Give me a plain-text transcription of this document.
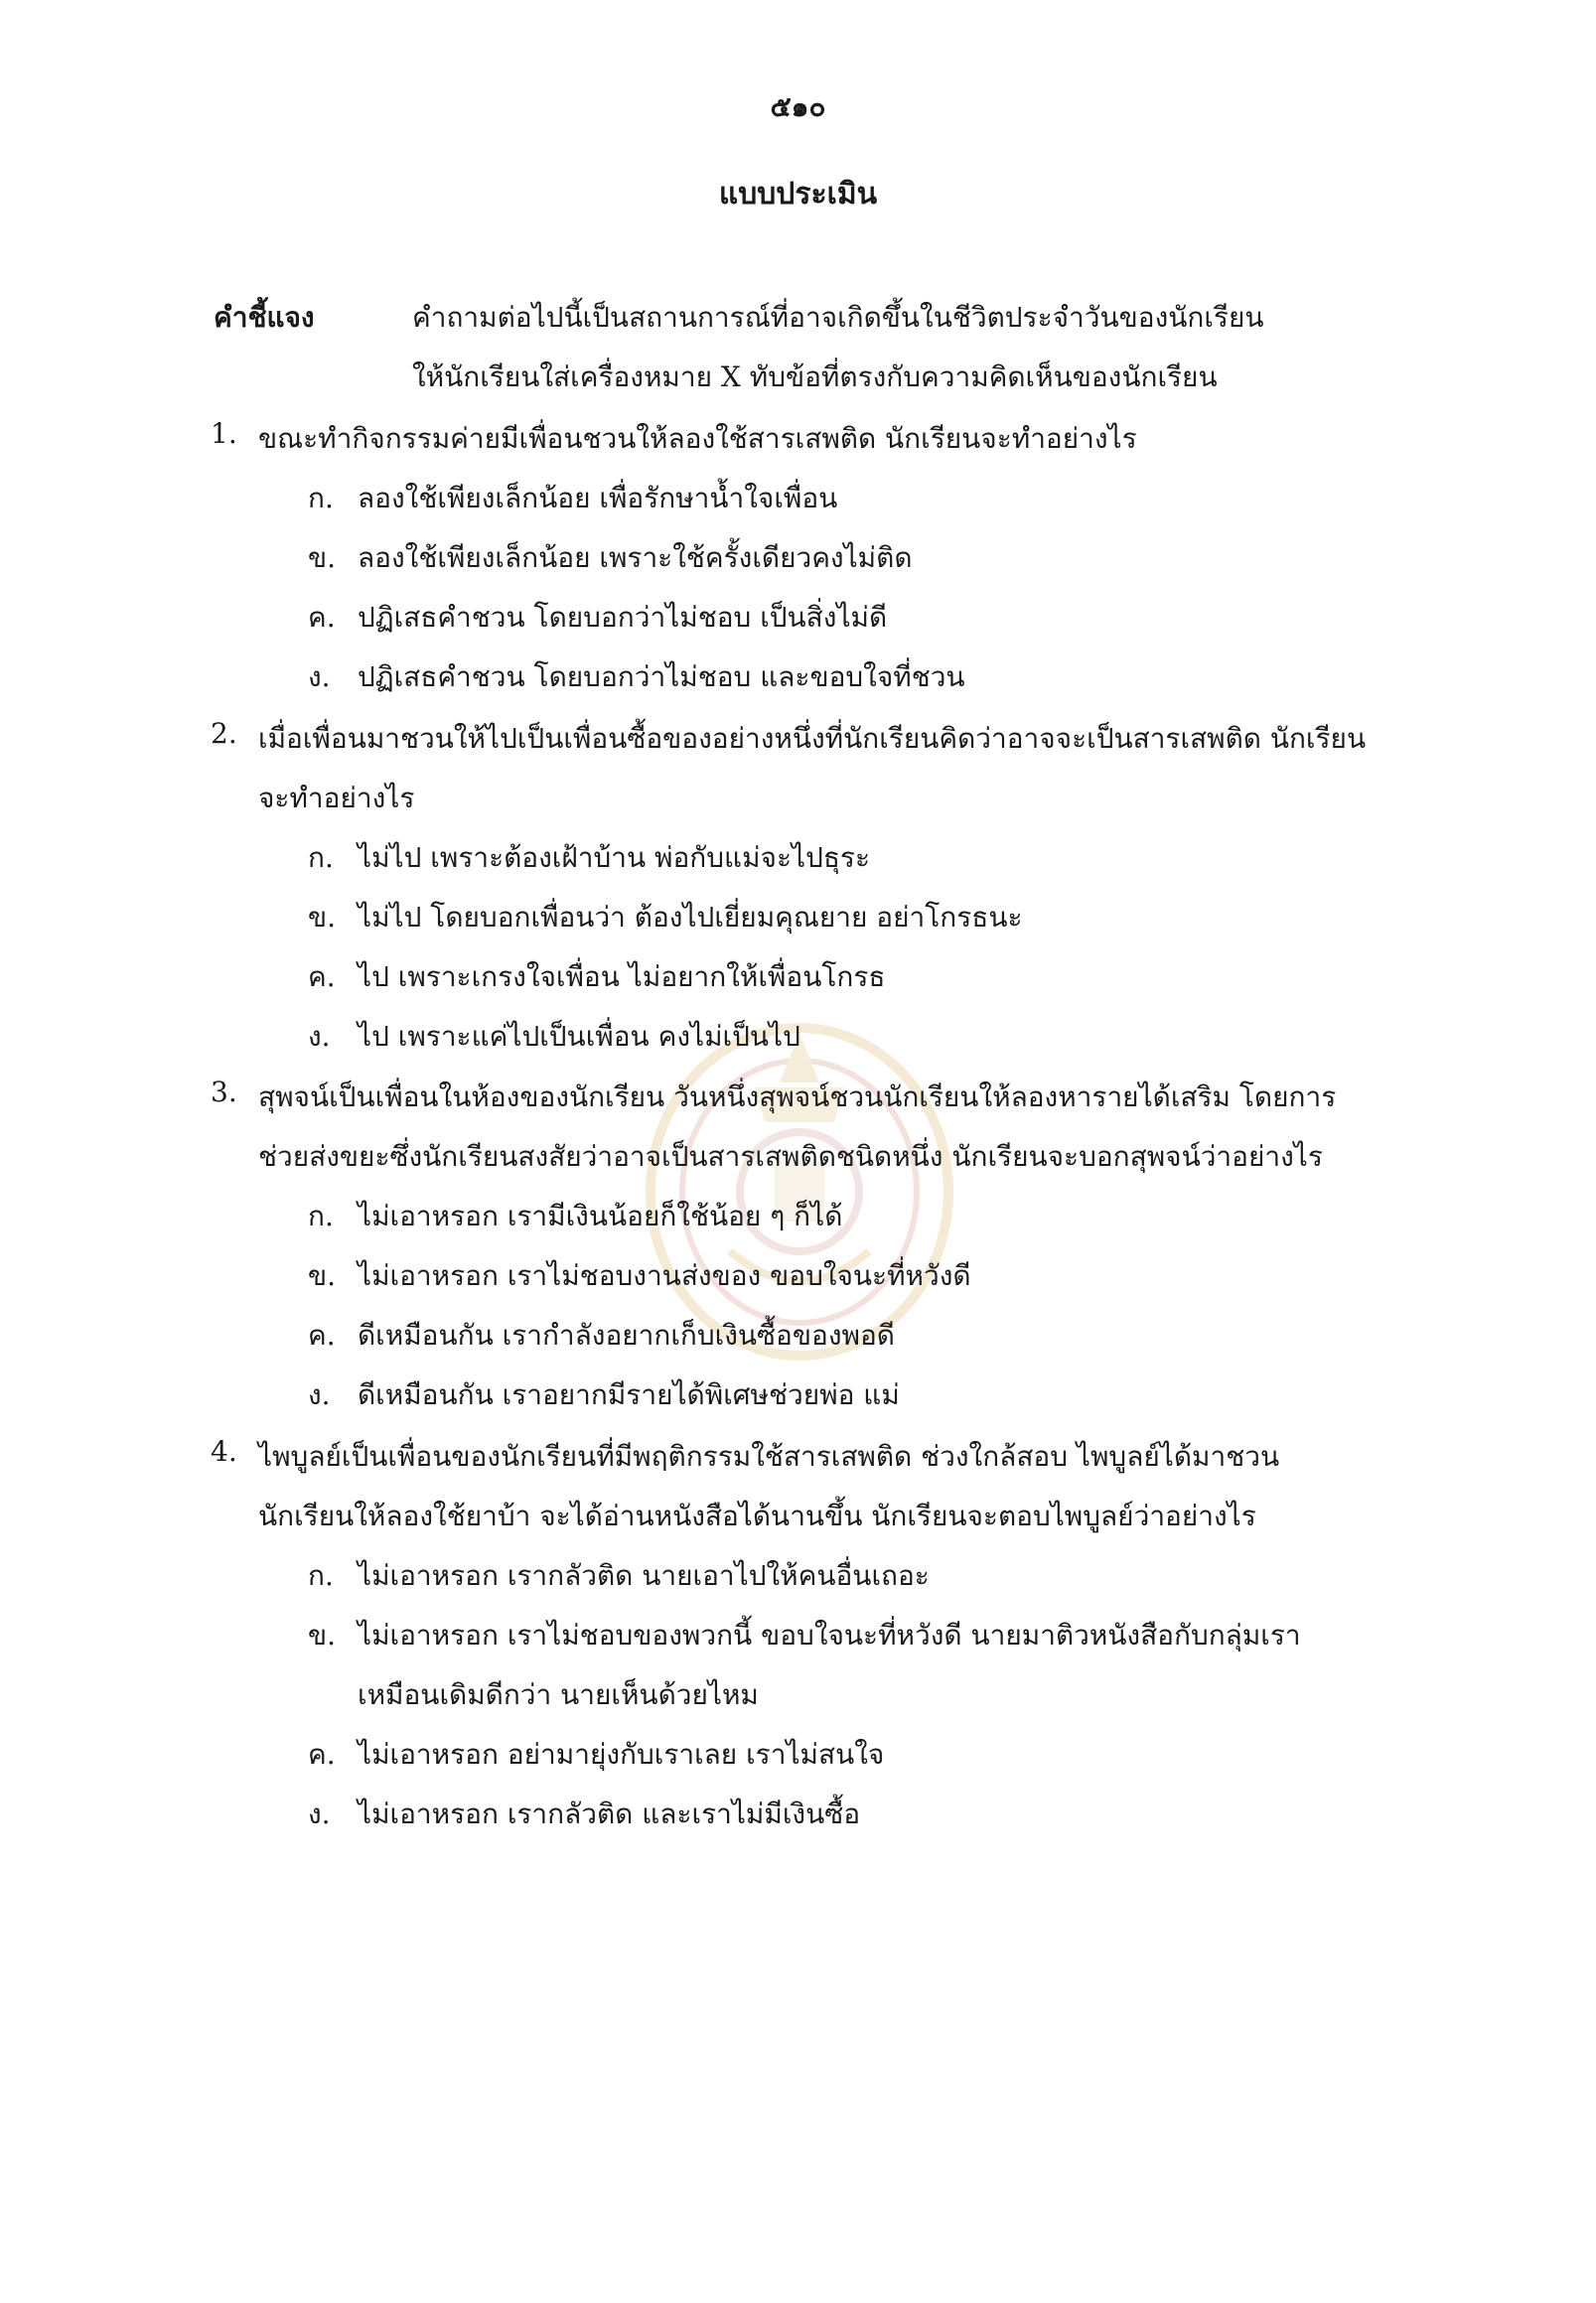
๕๑๐
แบบประเมิน
คำชี้แจง	คำถามต่อไปนี้เป็นสถานการณ์ที่อาจเกิดขึ้นในชีวิตประจำวันของนักเรียน
ให้นักเรียนใส่เครื่องหมาย X ทับข้อที่ตรงกับความคิดเห็นของนักเรียน
1. ขณะทำกิจกรรมค่ายมีเพื่อนชวนให้ลองใช้สารเสพติด นักเรียนจะทำอย่างไร
ก. ลองใช้เพียงเล็กน้อย เพื่อรักษาน้ำใจเพื่อน
ข. ลองใช้เพียงเล็กน้อย เพราะใช้ครั้งเดียวคงไม่ติด
ค. ปฏิเสธคำชวน โดยบอกว่าไม่ชอบ เป็นสิ่งไม่ดี
ง. ปฏิเสธคำชวน โดยบอกว่าไม่ชอบ และขอบใจที่ชวน
2. เมื่อเพื่อนมาชวนให้ไปเป็นเพื่อนซื้อของอย่างหนึ่งที่นักเรียนคิดว่าอาจจะเป็นสารเสพติด นักเรียน
จะทำอย่างไร
ก. ไม่ไป เพราะต้องเฝ้าบ้าน พ่อกับแม่จะไปธุระ
ข. ไม่ไป โดยบอกเพื่อนว่า ต้องไปเยี่ยมคุณยาย อย่าโกรธนะ
ค. ไป เพราะเกรงใจเพื่อน ไม่อยากให้เพื่อนโกรธ
ง. ไป เพราะแค่ไปเป็นเพื่อน คงไม่เป็นไป
3. สุพจน์เป็นเพื่อนในห้องของนักเรียน วันหนึ่งสุพจน์ชวนนักเรียนให้ลองหารายได้เสริม โดยการ
ช่วยส่งขยะซึ่งนักเรียนสงสัยว่าอาจเป็นสารเสพติดชนิดหนึ่ง นักเรียนจะบอกสุพจน์ว่าอย่างไร
ก. ไม่เอาหรอก เรามีเงินน้อยก็ใช้น้อย ๆ ก็ได้
ข. ไม่เอาหรอก เราไม่ชอบงานส่งของ ขอบใจนะที่หวังดี
ค. ดีเหมือนกัน เรากำลังอยากเก็บเงินซื้อของพอดี
ง. ดีเหมือนกัน เราอยากมีรายได้พิเศษช่วยพ่อ แม่
4. ไพบูลย์เป็นเพื่อนของนักเรียนที่มีพฤติกรรมใช้สารเสพติด ช่วงใกล้สอบ ไพบูลย์ได้มาชวน
นักเรียนให้ลองใช้ยาบ้า จะได้อ่านหนังสือได้นานขึ้น นักเรียนจะตอบไพบูลย์ว่าอย่างไร
ก. ไม่เอาหรอก เรากลัวติด นายเอาไปให้คนอื่นเถอะ
ข. ไม่เอาหรอก เราไม่ชอบของพวกนี้ ขอบใจนะที่หวังดี นายมาติวหนังสือกับกลุ่มเรา
เหมือนเดิมดีกว่า นายเห็นด้วยไหม
ค. ไม่เอาหรอก อย่ามายุ่งกับเราเลย เราไม่สนใจ
ง. ไม่เอาหรอก เรากลัวติด และเราไม่มีเงินซื้อ
